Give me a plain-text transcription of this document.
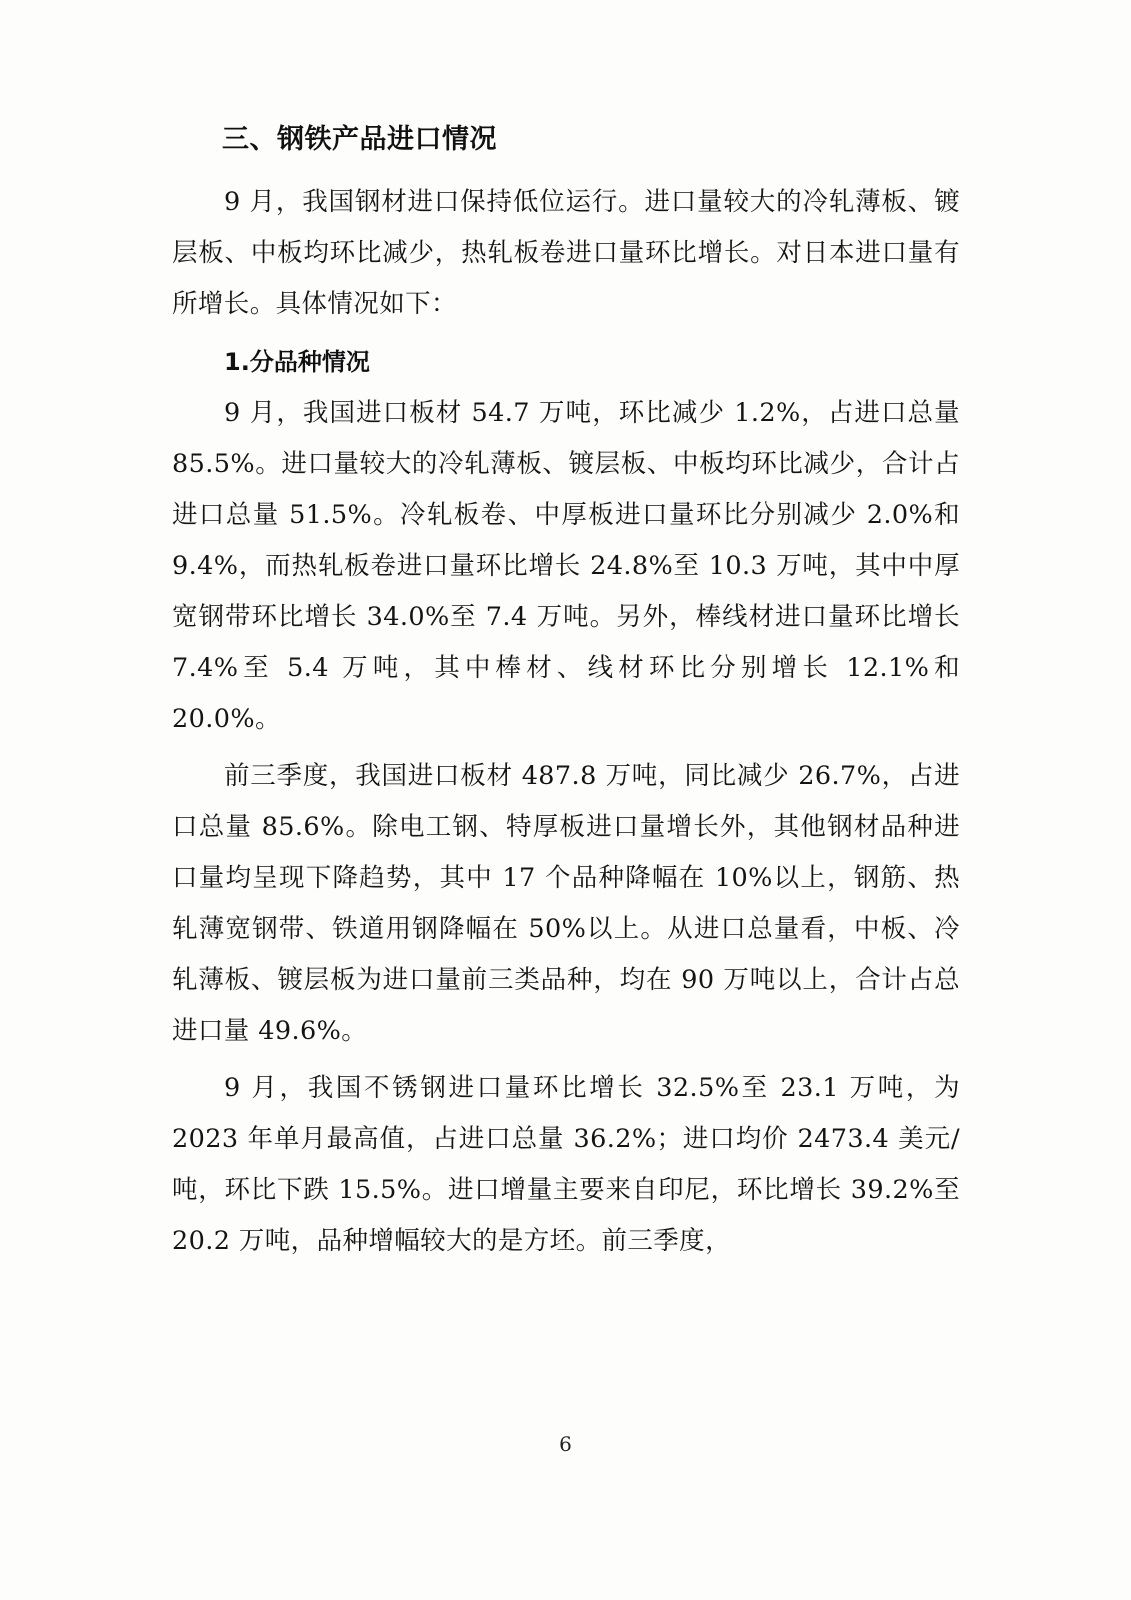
三、钢铁产品进口情况

9 月，我国钢材进口保持低位运行。进口量较大的冷轧薄板、镀层板、中板均环比减少，热轧板卷进口量环比增长。对日本进口量有所增长。具体情况如下：

1.分品种情况

9 月，我国进口板材 54.7 万吨，环比减少 1.2%，占进口总量 85.5%。进口量较大的冷轧薄板、镀层板、中板均环比减少，合计占进口总量 51.5%。冷轧板卷、中厚板进口量环比分别减少 2.0%和 9.4%，而热轧板卷进口量环比增长 24.8%至 10.3 万吨，其中中厚宽钢带环比增长 34.0%至 7.4 万吨。另外，棒线材进口量环比增长 7.4%至 5.4 万吨，其中棒材、线材环比分别增长 12.1%和 20.0%。

前三季度，我国进口板材 487.8 万吨，同比减少 26.7%，占进口总量 85.6%。除电工钢、特厚板进口量增长外，其他钢材品种进口量均呈现下降趋势，其中 17 个品种降幅在 10%以上，钢筋、热轧薄宽钢带、铁道用钢降幅在 50%以上。从进口总量看，中板、冷轧薄板、镀层板为进口量前三类品种，均在 90 万吨以上，合计占总进口量 49.6%。

9 月，我国不锈钢进口量环比增长 32.5%至 23.1 万吨，为 2023 年单月最高值，占进口总量 36.2%；进口均价 2473.4 美元/吨，环比下跌 15.5%。进口增量主要来自印尼，环比增长 39.2%至 20.2 万吨，品种增幅较大的是方坯。前三季度，

6
